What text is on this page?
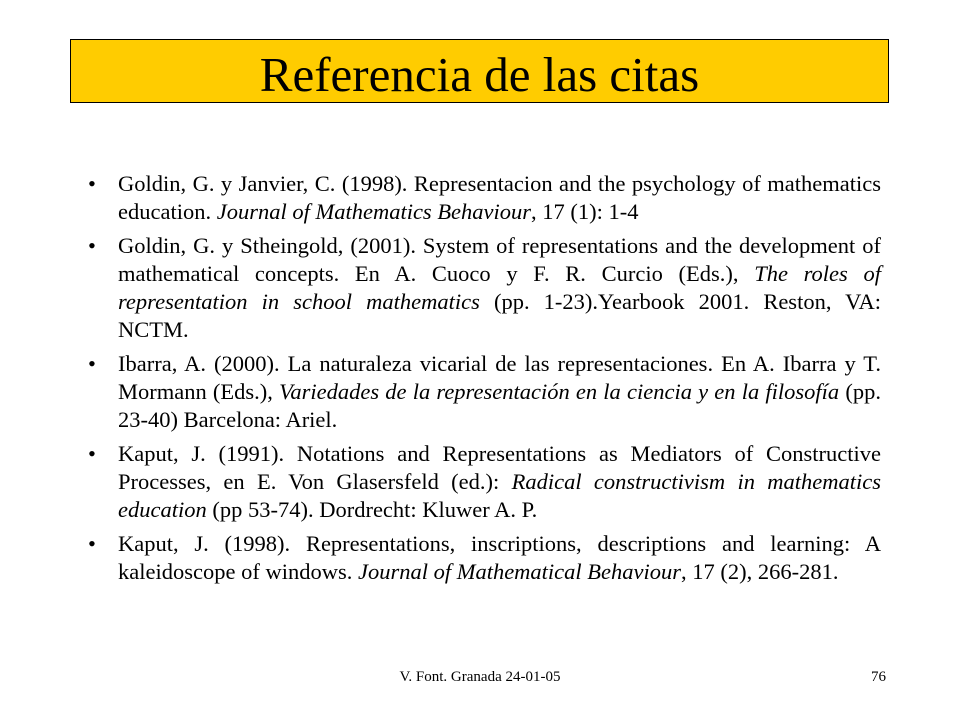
Referencia de las citas
• Goldin, G. y Janvier, C. (1998). Representacion and the psychology of mathematics education. Journal of Mathematics Behaviour, 17 (1): 1-4
• Goldin, G. y Stheingold, (2001). System of representations and the development of mathematical concepts. En A. Cuoco y F. R. Curcio (Eds.), The roles of representation in school mathematics (pp. 1-23).Yearbook 2001. Reston, VA: NCTM.
• Ibarra, A. (2000). La naturaleza vicarial de las representaciones. En A. Ibarra y T. Mormann (Eds.), Variedades de la representación en la ciencia y en la filosofía (pp. 23-40) Barcelona: Ariel.
• Kaput, J. (1991). Notations and Representations as Mediators of Constructive Processes, en E. Von Glasersfeld (ed.): Radical constructivism in mathematics education (pp 53-74). Dordrecht: Kluwer A. P.
• Kaput, J. (1998). Representations, inscriptions, descriptions and learning: A kaleidoscope of windows. Journal of Mathematical Behaviour, 17 (2), 266-281.
V. Font. Granada 24-01-05	76
